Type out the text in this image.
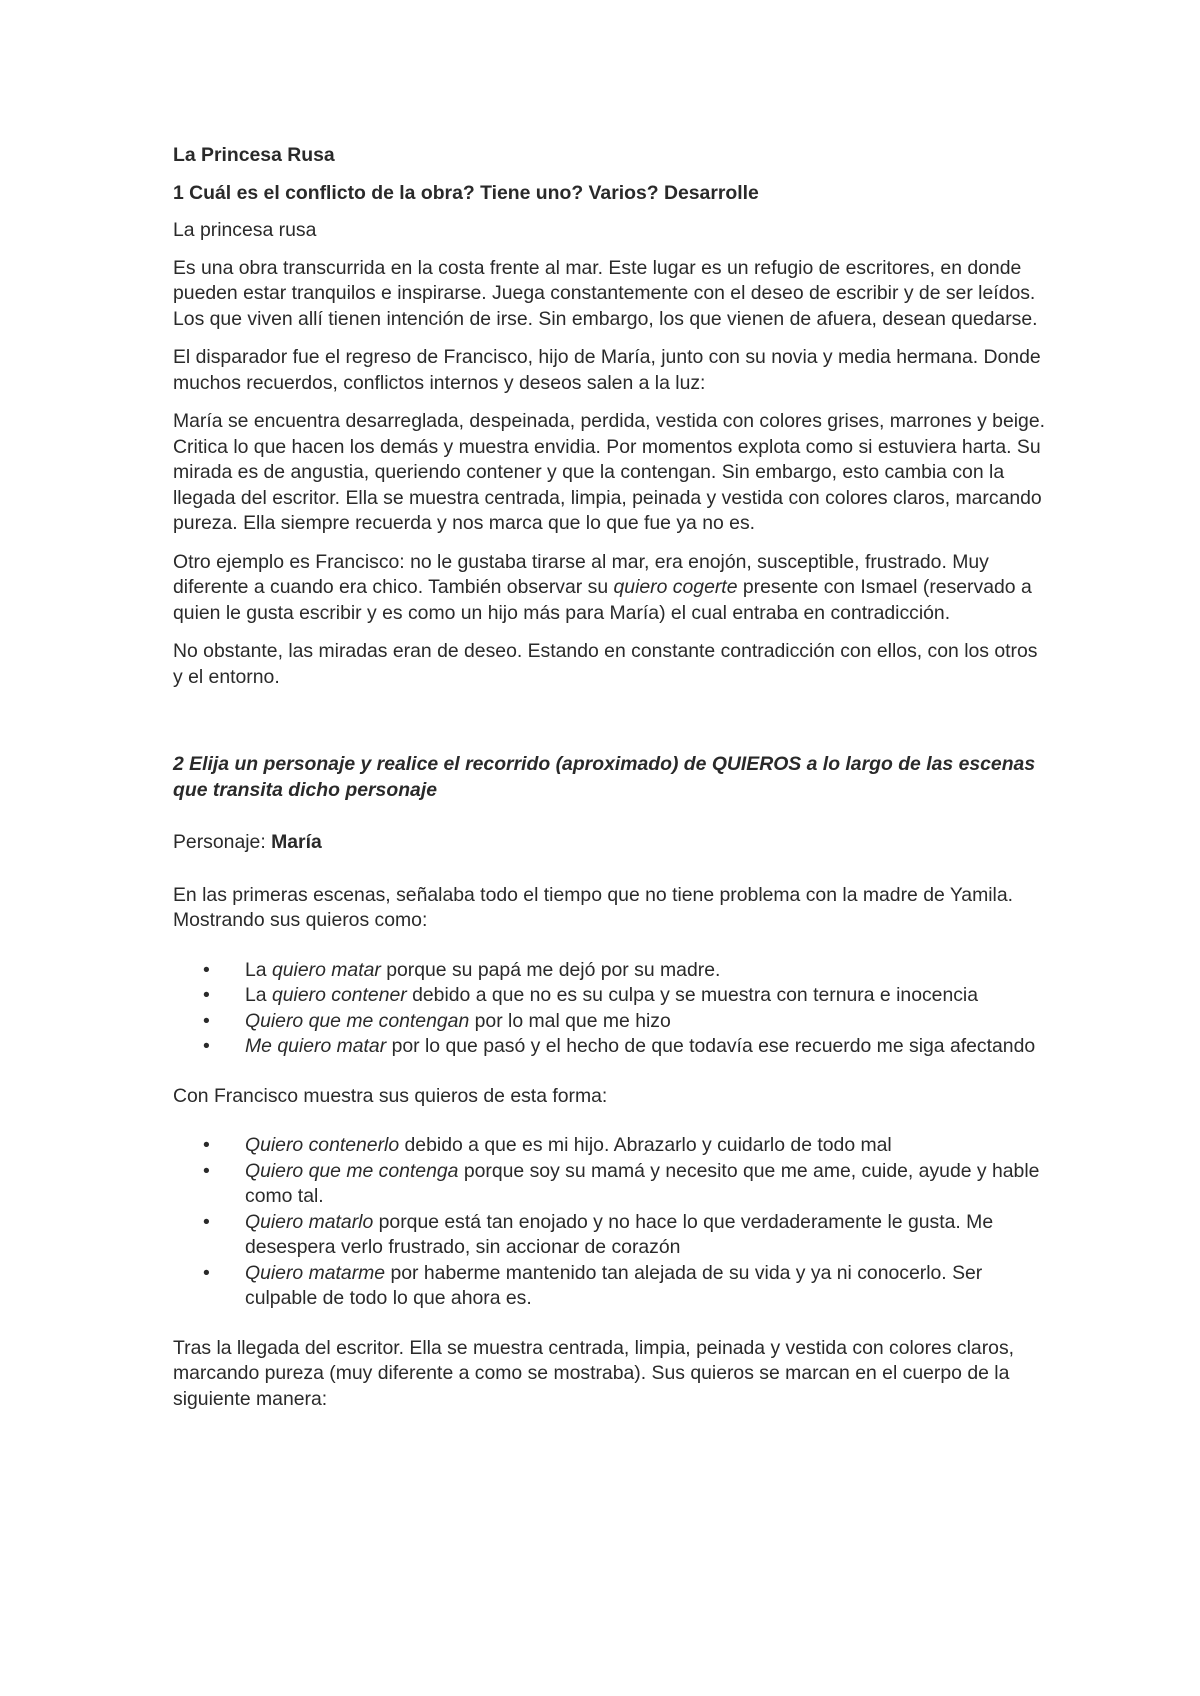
La Princesa Rusa

1 Cuál es el conflicto de la obra? Tiene uno? Varios? Desarrolle

La princesa rusa

Es una obra transcurrida en la costa frente al mar. Este lugar es un refugio de escritores, en donde pueden estar tranquilos e inspirarse. Juega constantemente con el deseo de escribir y de ser leídos. Los que viven allí tienen intención de irse. Sin embargo, los que vienen de afuera, desean quedarse.

El disparador fue el regreso de Francisco, hijo de María, junto con su novia y media hermana. Donde muchos recuerdos, conflictos internos y deseos salen a la luz:

María se encuentra desarreglada, despeinada, perdida, vestida con colores grises, marrones y beige. Critica lo que hacen los demás y muestra envidia. Por momentos explota como si estuviera harta. Su mirada es de angustia, queriendo contener y que la contengan. Sin embargo, esto cambia con la llegada del escritor. Ella se muestra centrada, limpia, peinada y vestida con colores claros, marcando pureza. Ella siempre recuerda y nos marca que lo que fue ya no es.

Otro ejemplo es Francisco: no le gustaba tirarse al mar, era enojón, susceptible, frustrado. Muy diferente a cuando era chico. También observar su quiero cogerte presente con Ismael (reservado a quien le gusta escribir y es como un hijo más para María) el cual entraba en contradicción.

No obstante, las miradas eran de deseo. Estando en constante contradicción con ellos, con los otros y el entorno.

2 Elija un personaje y realice el recorrido (aproximado) de QUIEROS a lo largo de las escenas que transita dicho personaje

Personaje: María

En las primeras escenas, señalaba todo el tiempo que no tiene problema con la madre de Yamila. Mostrando sus quieros como:

• La quiero matar porque su papá me dejó por su madre.
• La quiero contener debido a que no es su culpa y se muestra con ternura e inocencia
• Quiero que me contengan por lo mal que me hizo
• Me quiero matar por lo que pasó y el hecho de que todavía ese recuerdo me siga afectando

Con Francisco muestra sus quieros de esta forma:

• Quiero contenerlo debido a que es mi hijo. Abrazarlo y cuidarlo de todo mal
• Quiero que me contenga porque soy su mamá y necesito que me ame, cuide, ayude y hable como tal.
• Quiero matarlo porque está tan enojado y no hace lo que verdaderamente le gusta. Me desespera verlo frustrado, sin accionar de corazón
• Quiero matarme por haberme mantenido tan alejada de su vida y ya ni conocerlo. Ser culpable de todo lo que ahora es.

Tras la llegada del escritor. Ella se muestra centrada, limpia, peinada y vestida con colores claros, marcando pureza (muy diferente a como se mostraba). Sus quieros se marcan en el cuerpo de la siguiente manera:
